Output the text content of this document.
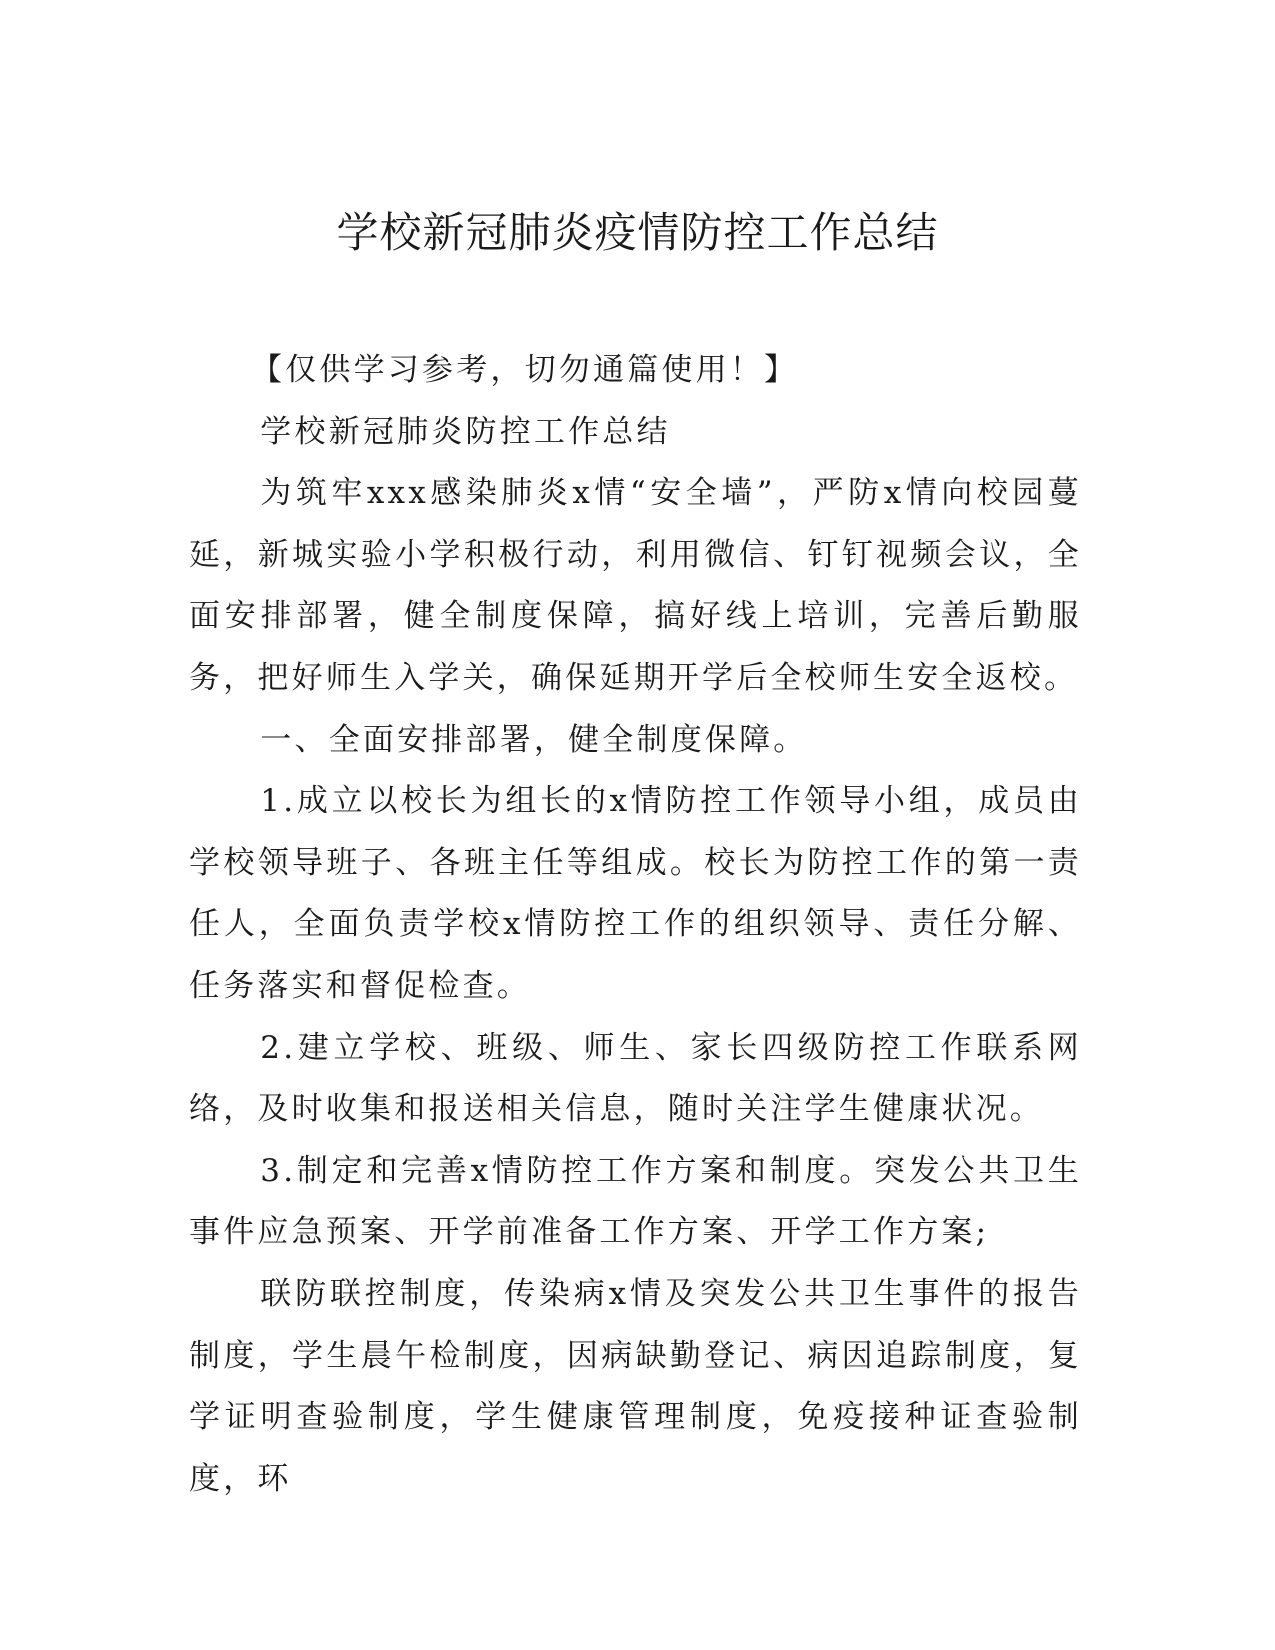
学校新冠肺炎疫情防控工作总结

【仅供学习参考，切勿通篇使用！】

学校新冠肺炎防控工作总结

为筑牢xxx感染肺炎x情“安全墙”，严防x情向校园蔓延，新城实验小学积极行动，利用微信、钉钉视频会议，全面安排部署，健全制度保障，搞好线上培训，完善后勤服务，把好师生入学关，确保延期开学后全校师生安全返校。

一、全面安排部署，健全制度保障。

1.成立以校长为组长的x情防控工作领导小组，成员由学校领导班子、各班主任等组成。校长为防控工作的第一责任人，全面负责学校x情防控工作的组织领导、责任分解、任务落实和督促检查。

2.建立学校、班级、师生、家长四级防控工作联系网络，及时收集和报送相关信息，随时关注学生健康状况。

3.制定和完善x情防控工作方案和制度。突发公共卫生事件应急预案、开学前准备工作方案、开学工作方案;

联防联控制度，传染病x情及突发公共卫生事件的报告制度，学生晨午检制度，因病缺勤登记、病因追踪制度，复学证明查验制度，学生健康管理制度，免疫接种证查验制度，环
